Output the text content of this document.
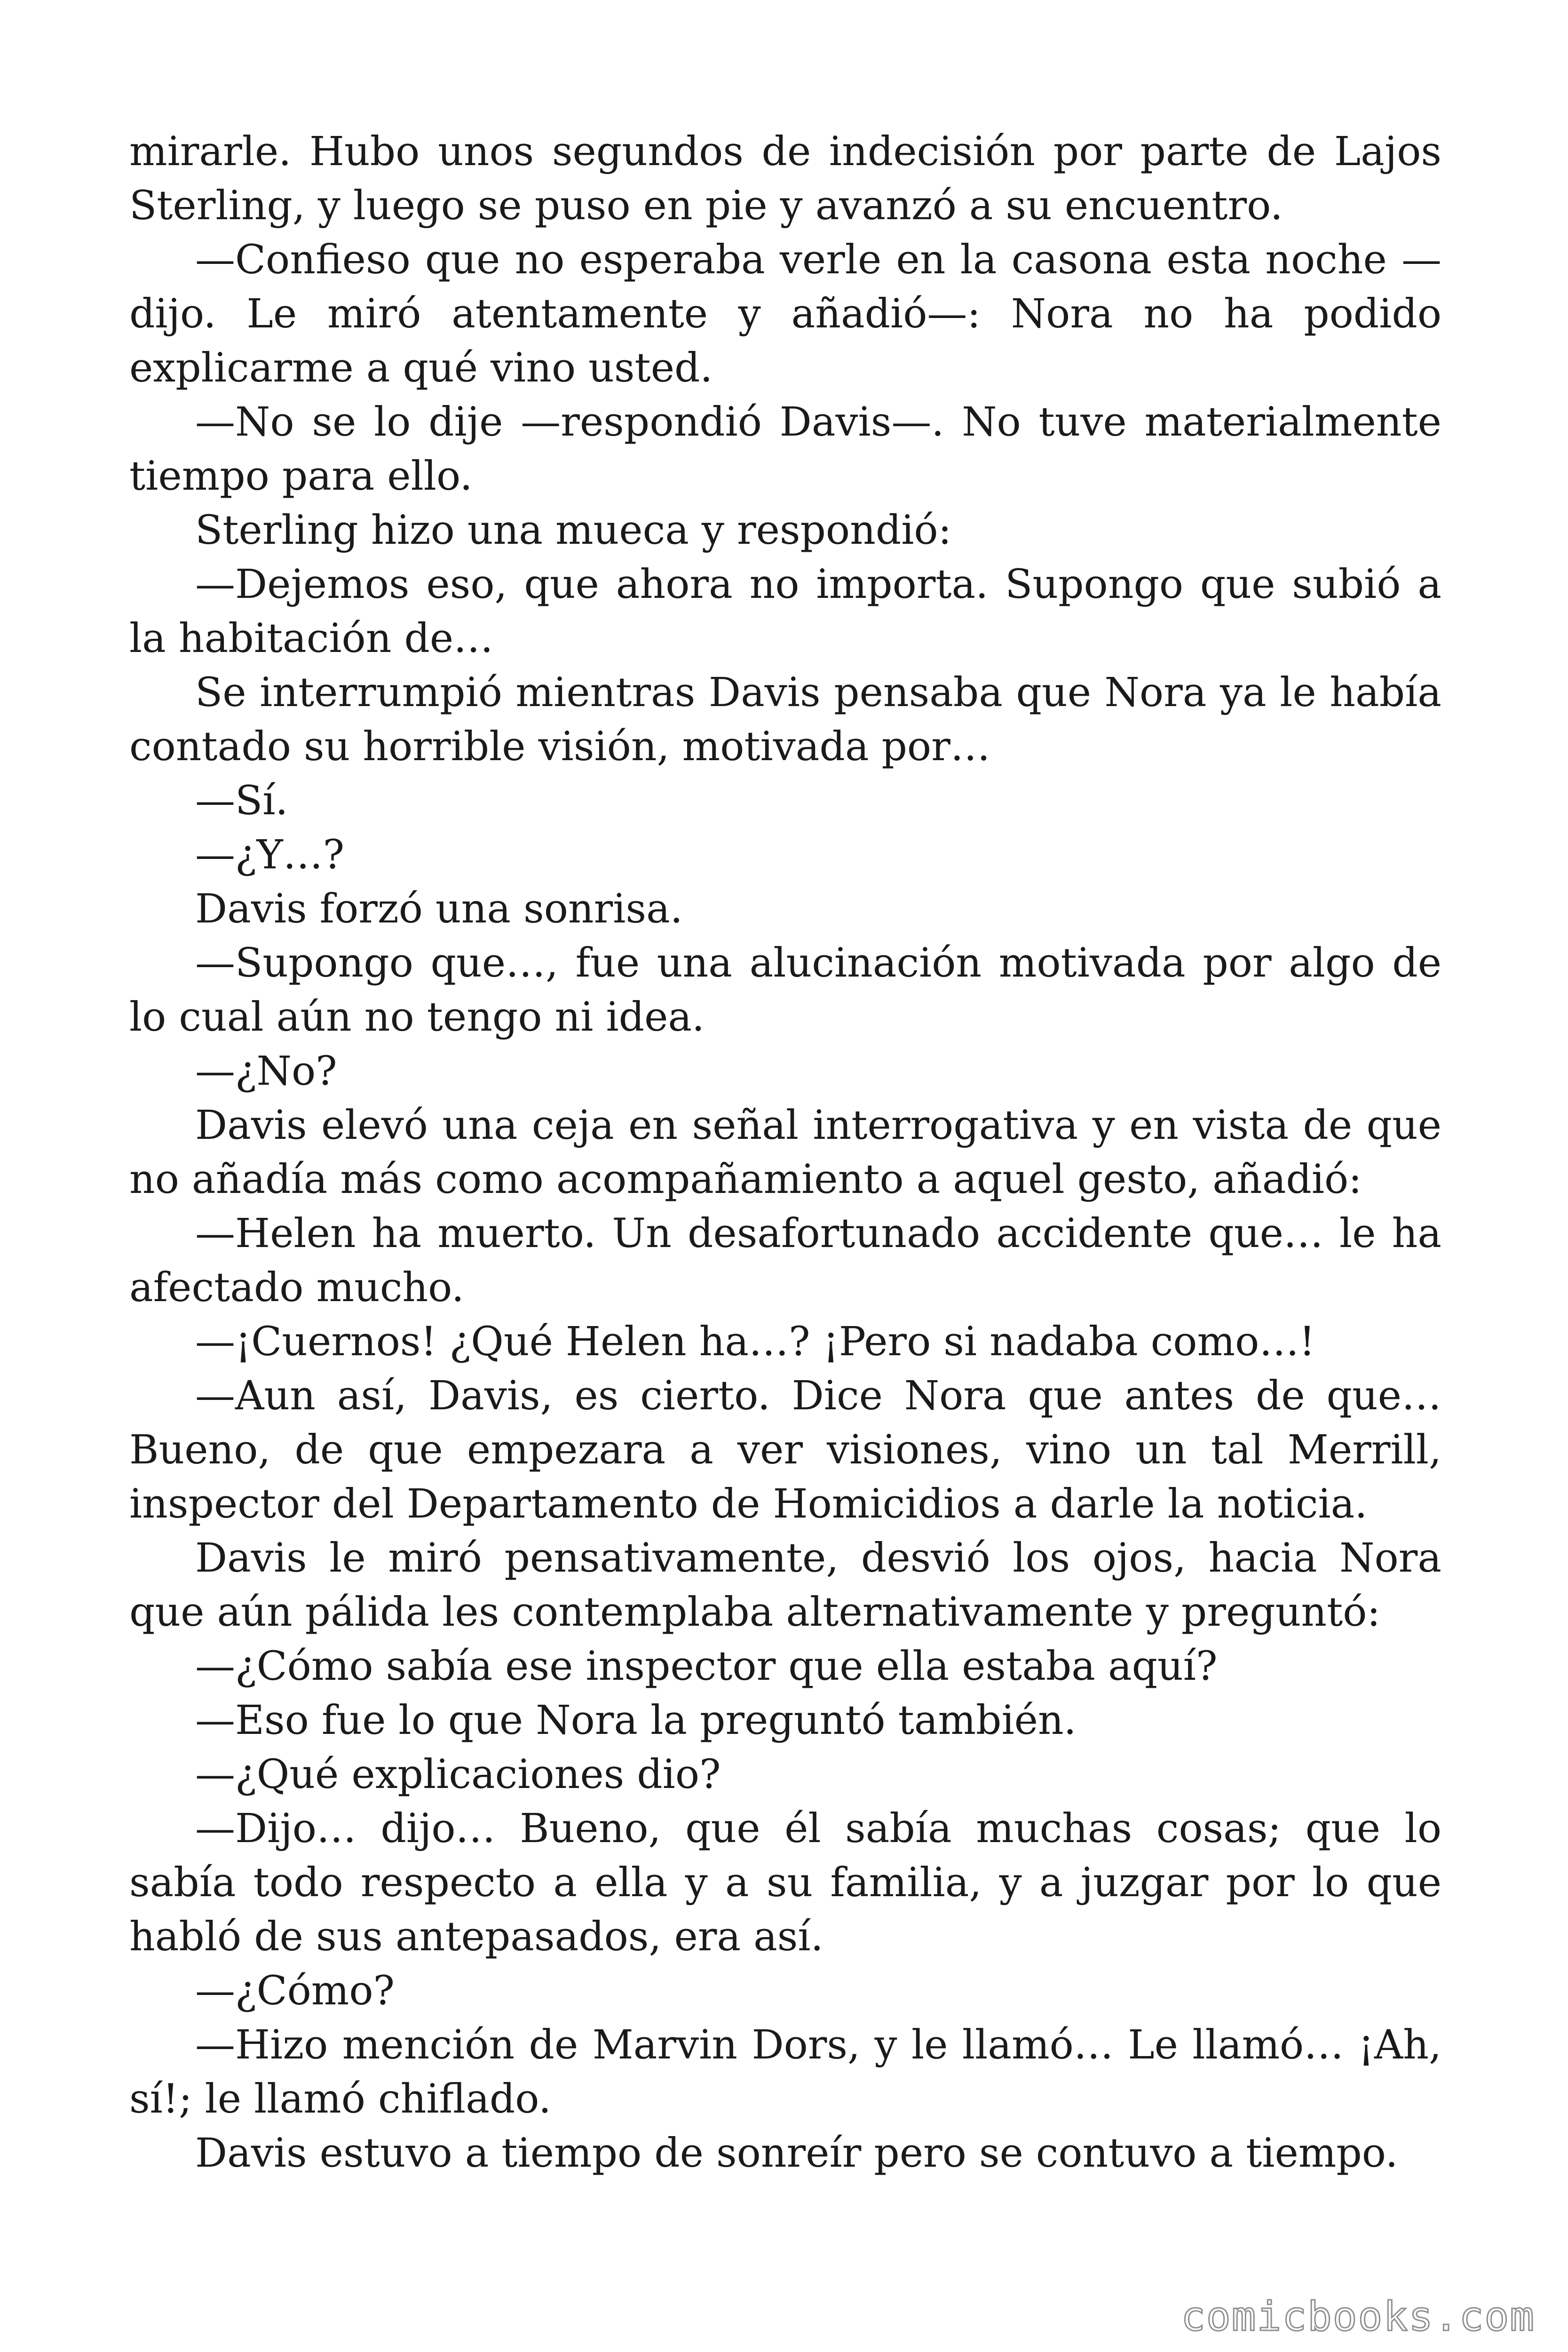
mirarle. Hubo unos segundos de indecisión por parte de Lajos Sterling, y luego se puso en pie y avanzó a su encuentro.

—Confieso que no esperaba verle en la casona esta noche —dijo. Le miró atentamente y añadió—: Nora no ha podido explicarme a qué vino usted.

—No se lo dije —respondió Davis—. No tuve materialmente tiempo para ello.

Sterling hizo una mueca y respondió:

—Dejemos eso, que ahora no importa. Supongo que subió a la habitación de…

Se interrumpió mientras Davis pensaba que Nora ya le había contado su horrible visión, motivada por…

—Sí.

—¿Y…?

Davis forzó una sonrisa.

—Supongo que…, fue una alucinación motivada por algo de lo cual aún no tengo ni idea.

—¿No?

Davis elevó una ceja en señal interrogativa y en vista de que no añadía más como acompañamiento a aquel gesto, añadió:

—Helen ha muerto. Un desafortunado accidente que… le ha afectado mucho.

—¡Cuernos! ¿Qué Helen ha…? ¡Pero si nadaba como…!

—Aun así, Davis, es cierto. Dice Nora que antes de que… Bueno, de que empezara a ver visiones, vino un tal Merrill, inspector del Departamento de Homicidios a darle la noticia.

Davis le miró pensativamente, desvió los ojos, hacia Nora que aún pálida les contemplaba alternativamente y preguntó:

—¿Cómo sabía ese inspector que ella estaba aquí?

—Eso fue lo que Nora la preguntó también.

—¿Qué explicaciones dio?

—Dijo… dijo… Bueno, que él sabía muchas cosas; que lo sabía todo respecto a ella y a su familia, y a juzgar por lo que habló de sus antepasados, era así.

—¿Cómo?

—Hizo mención de Marvin Dors, y le llamó… Le llamó… ¡Ah, sí!; le llamó chiflado.

Davis estuvo a tiempo de sonreír pero se contuvo a tiempo.

comicbooks.com
